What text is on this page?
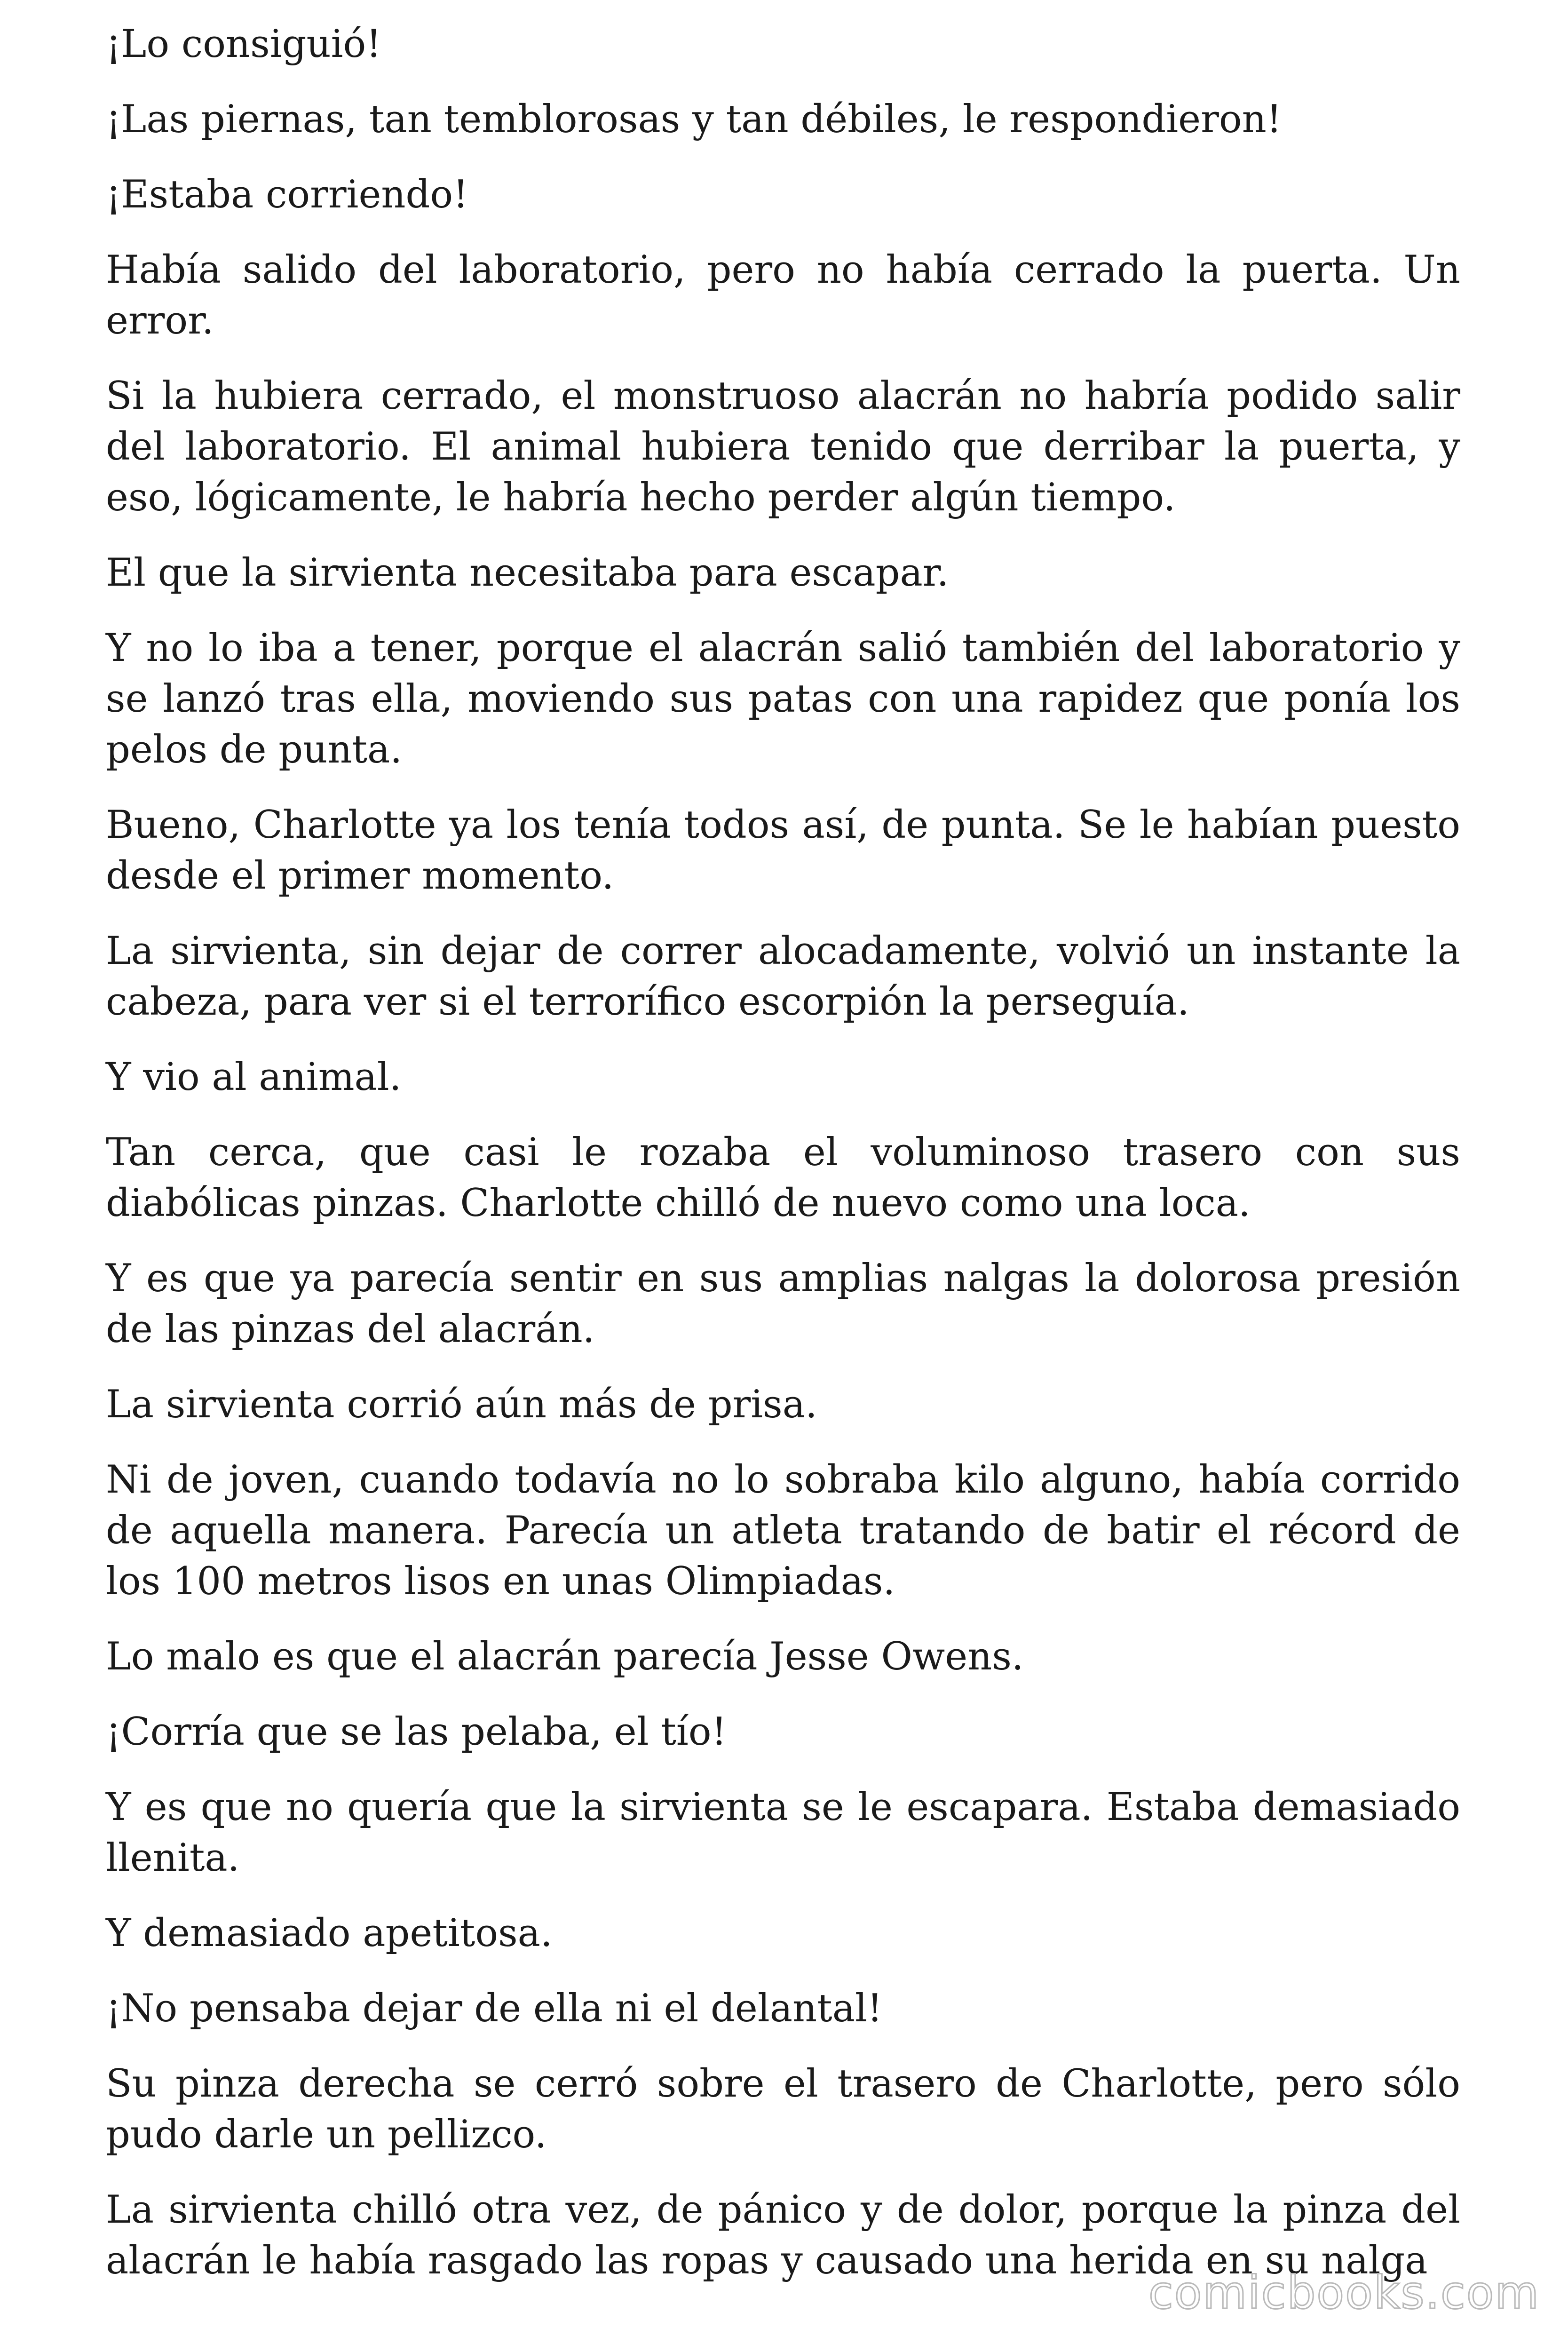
¡Lo consiguió!

¡Las piernas, tan temblorosas y tan débiles, le respondieron!

¡Estaba corriendo!

Había salido del laboratorio, pero no había cerrado la puerta. Un error.

Si la hubiera cerrado, el monstruoso alacrán no habría podido salir del laboratorio. El animal hubiera tenido que derribar la puerta, y eso, lógicamente, le habría hecho perder algún tiempo.

El que la sirvienta necesitaba para escapar.

Y no lo iba a tener, porque el alacrán salió también del laboratorio y se lanzó tras ella, moviendo sus patas con una rapidez que ponía los pelos de punta.

Bueno, Charlotte ya los tenía todos así, de punta. Se le habían puesto desde el primer momento.

La sirvienta, sin dejar de correr alocadamente, volvió un instante la cabeza, para ver si el terrorífico escorpión la perseguía.

Y vio al animal.

Tan cerca, que casi le rozaba el voluminoso trasero con sus diabólicas pinzas. Charlotte chilló de nuevo como una loca.

Y es que ya parecía sentir en sus amplias nalgas la dolorosa presión de las pinzas del alacrán.

La sirvienta corrió aún más de prisa.

Ni de joven, cuando todavía no lo sobraba kilo alguno, había corrido de aquella manera. Parecía un atleta tratando de batir el récord de los 100 metros lisos en unas Olimpiadas.

Lo malo es que el alacrán parecía Jesse Owens.

¡Corría que se las pelaba, el tío!

Y es que no quería que la sirvienta se le escapara. Estaba demasiado llenita.

Y demasiado apetitosa.

¡No pensaba dejar de ella ni el delantal!

Su pinza derecha se cerró sobre el trasero de Charlotte, pero sólo pudo darle un pellizco.

La sirvienta chilló otra vez, de pánico y de dolor, porque la pinza del alacrán le había rasgado las ropas y causado una herida en su nalga

comicbooks.com
